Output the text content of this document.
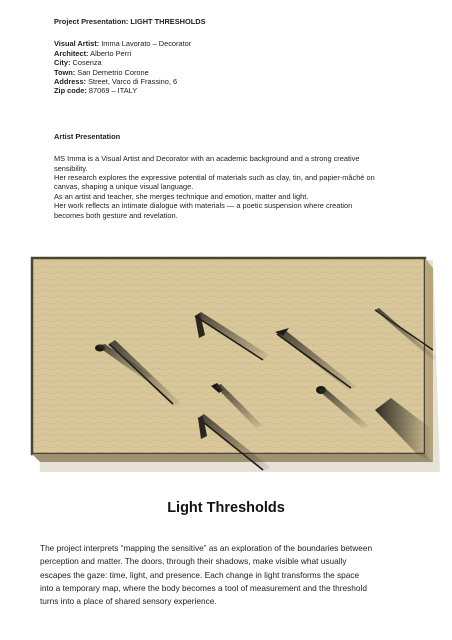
Project Presentation: LIGHT THRESHOLDS

Visual Artist: Imma Lavorato – Decorator

Architect: Alberto Perri

City: Cosenza

Town: San Demetrio Corone

Address: Street, Varco di Frassino, 6

Zip code: 87069 – ITALY

Artist Presentation

MS Imma is a Visual Artist and Decorator with an academic background and a strong creative

sensibility.

Her research explores the expressive potential of materials such as clay, tin, and papier-mâché on

canvas, shaping a unique visual language.

As an artist and teacher, she merges technique and emotion, matter and light.

Her work reflects an intimate dialogue with materials — a poetic suspension where creation

becomes both gesture and revelation.

Light Thresholds

The project interprets “mapping the sensitive” as an exploration of the boundaries between

perception and matter. The doors, through their shadows, make visible what usually

escapes the gaze: time, light, and presence. Each change in light transforms the space

into a temporary map, where the body becomes a tool of measurement and the threshold

turns into a place of shared sensory experience.
